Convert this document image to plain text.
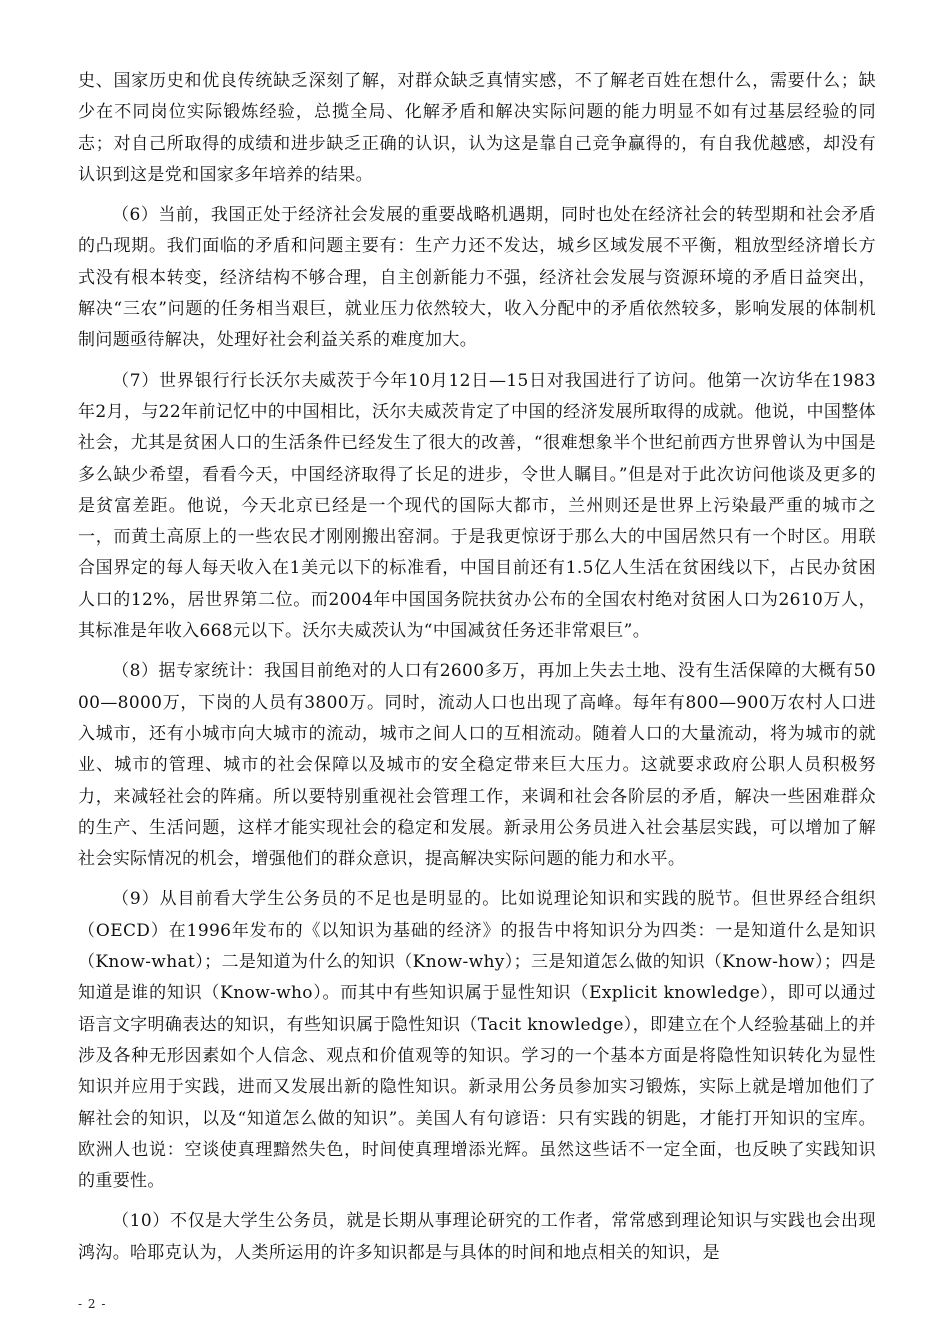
史、国家历史和优良传统缺乏深刻了解，对群众缺乏真情实感，不了解老百姓在想什么，需要什么；缺少在不同岗位实际锻炼经验，总揽全局、化解矛盾和解决实际问题的能力明显不如有过基层经验的同志；对自己所取得的成绩和进步缺乏正确的认识，认为这是靠自己竞争赢得的，有自我优越感，却没有认识到这是党和国家多年培养的结果。

（6）当前，我国正处于经济社会发展的重要战略机遇期，同时也处在经济社会的转型期和社会矛盾的凸现期。我们面临的矛盾和问题主要有：生产力还不发达，城乡区域发展不平衡，粗放型经济增长方式没有根本转变，经济结构不够合理，自主创新能力不强，经济社会发展与资源环境的矛盾日益突出，解决“三农”问题的任务相当艰巨，就业压力依然较大，收入分配中的矛盾依然较多，影响发展的体制机制问题亟待解决，处理好社会利益关系的难度加大。

（7）世界银行行长沃尔夫威茨于今年10月12日—15日对我国进行了访问。他第一次访华在1983年2月，与22年前记忆中的中国相比，沃尔夫威茨肯定了中国的经济发展所取得的成就。他说，中国整体社会，尤其是贫困人口的生活条件已经发生了很大的改善，“很难想象半个世纪前西方世界曾认为中国是多么缺少希望，看看今天，中国经济取得了长足的进步，令世人瞩目。”但是对于此次访问他谈及更多的是贫富差距。他说，今天北京已经是一个现代的国际大都市，兰州则还是世界上污染最严重的城市之一，而黄土高原上的一些农民才刚刚搬出窑洞。于是我更惊讶于那么大的中国居然只有一个时区。用联合国界定的每人每天收入在1美元以下的标准看，中国目前还有1.5亿人生活在贫困线以下，占民办贫困人口的12%，居世界第二位。而2004年中国国务院扶贫办公布的全国农村绝对贫困人口为2610万人，其标准是年收入668元以下。沃尔夫威茨认为“中国减贫任务还非常艰巨”。

（8）据专家统计：我国目前绝对的人口有2600多万，再加上失去土地、没有生活保障的大概有5000—8000万，下岗的人员有3800万。同时，流动人口也出现了高峰。每年有800—900万农村人口进入城市，还有小城市向大城市的流动，城市之间人口的互相流动。随着人口的大量流动，将为城市的就业、城市的管理、城市的社会保障以及城市的安全稳定带来巨大压力。这就要求政府公职人员积极努力，来减轻社会的阵痛。所以要特别重视社会管理工作，来调和社会各阶层的矛盾，解决一些困难群众的生产、生活问题，这样才能实现社会的稳定和发展。新录用公务员进入社会基层实践，可以增加了解社会实际情况的机会，增强他们的群众意识，提高解决实际问题的能力和水平。

（9）从目前看大学生公务员的不足也是明显的。比如说理论知识和实践的脱节。但世界经合组织（OECD）在1996年发布的《以知识为基础的经济》的报告中将知识分为四类：一是知道什么是知识（Know-what）；二是知道为什么的知识（Know-why）；三是知道怎么做的知识（Know-how）；四是知道是谁的知识（Know-who）。而其中有些知识属于显性知识（Explicit knowledge），即可以通过语言文字明确表达的知识，有些知识属于隐性知识（Tacit knowledge），即建立在个人经验基础上的并涉及各种无形因素如个人信念、观点和价值观等的知识。学习的一个基本方面是将隐性知识转化为显性知识并应用于实践，进而又发展出新的隐性知识。新录用公务员参加实习锻炼，实际上就是增加他们了解社会的知识，以及“知道怎么做的知识”。美国人有句谚语：只有实践的钥匙，才能打开知识的宝库。欧洲人也说：空谈使真理黯然失色，时间使真理增添光辉。虽然这些话不一定全面，也反映了实践知识的重要性。

（10）不仅是大学生公务员，就是长期从事理论研究的工作者，常常感到理论知识与实践也会出现鸿沟。哈耶克认为，人类所运用的许多知识都是与具体的时间和地点相关的知识，是

- 2 -
